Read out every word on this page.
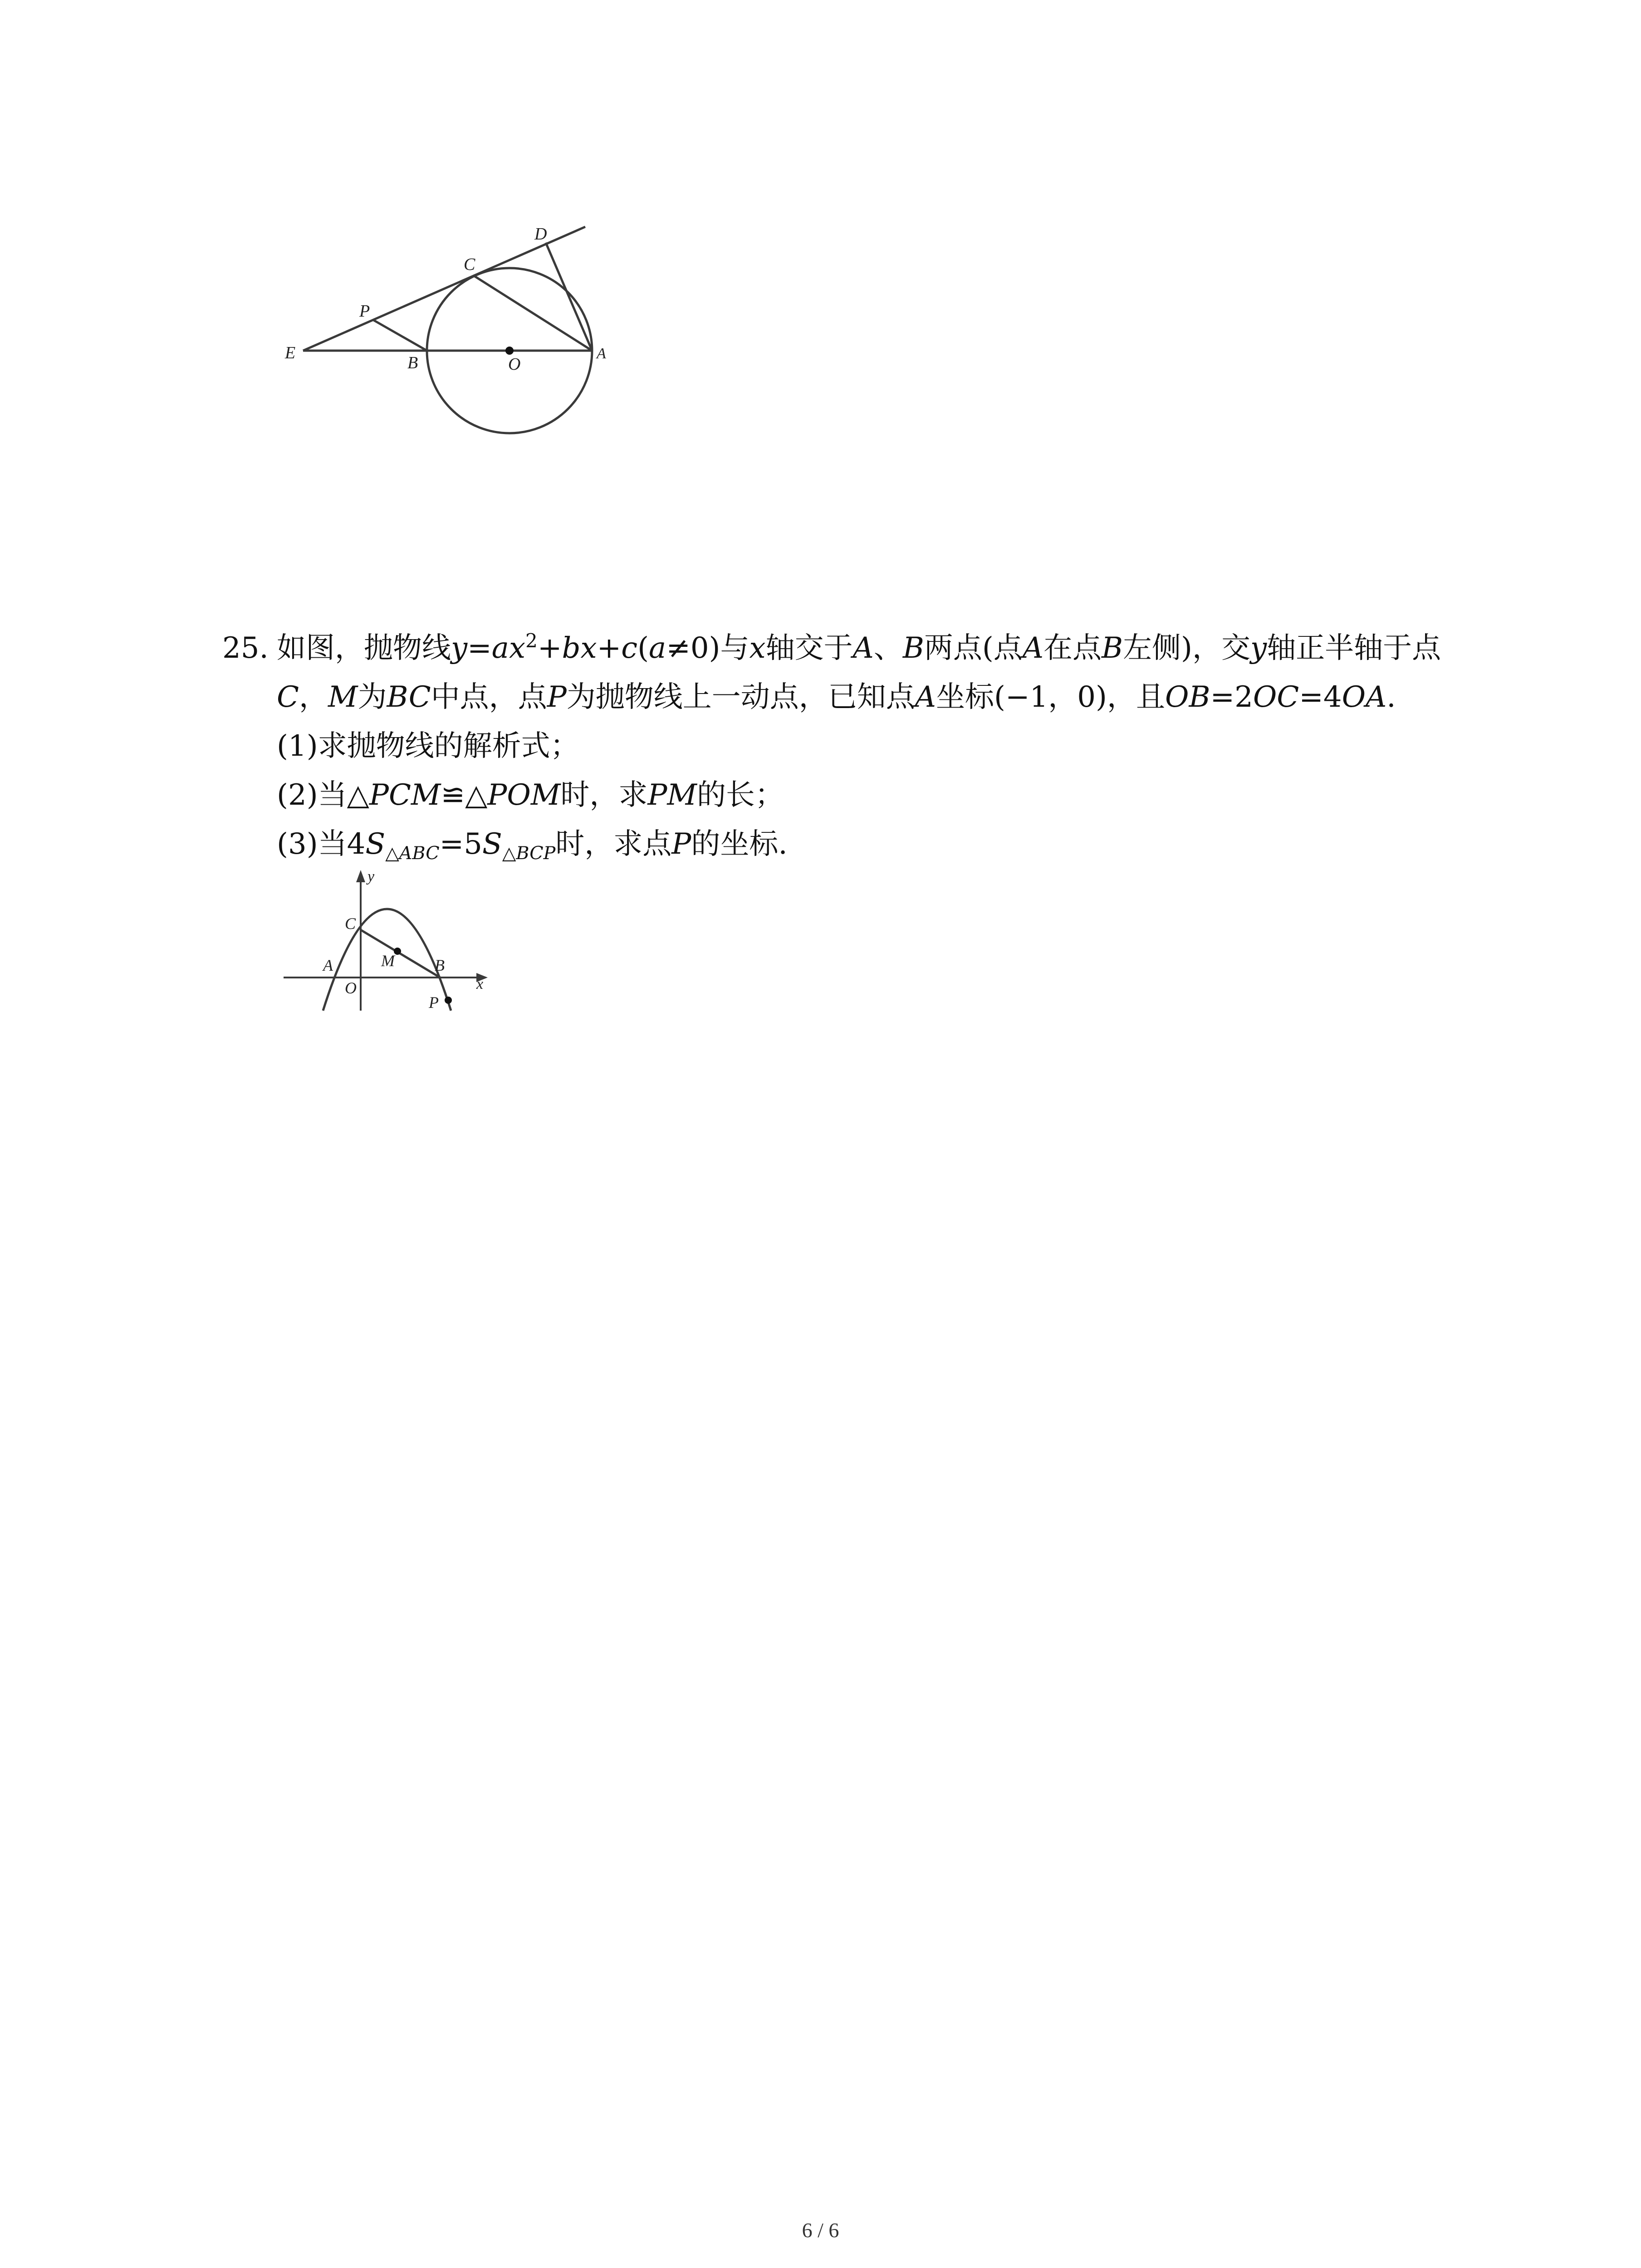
D
C
P
E
B	O
A
25. 如图，抛物线$y=ax^2+bx+c(a\ne 0)$与x轴交于A、B两点(点A在点B左侧)，交y轴正半轴于点
C，M为BC中点，点P为抛物线上一动点，已知点A坐标(−1，0)，且OB=2OC=4OA.
(1)求抛物线的解析式；
(2)当△PCM≌△POM时，求PM的长；
(3)当$4S_{\triangle ABC}=5S_{\triangle BCP}$时，求点P的坐标.
y
x
C
M
A
O
B
P
6 / 6
